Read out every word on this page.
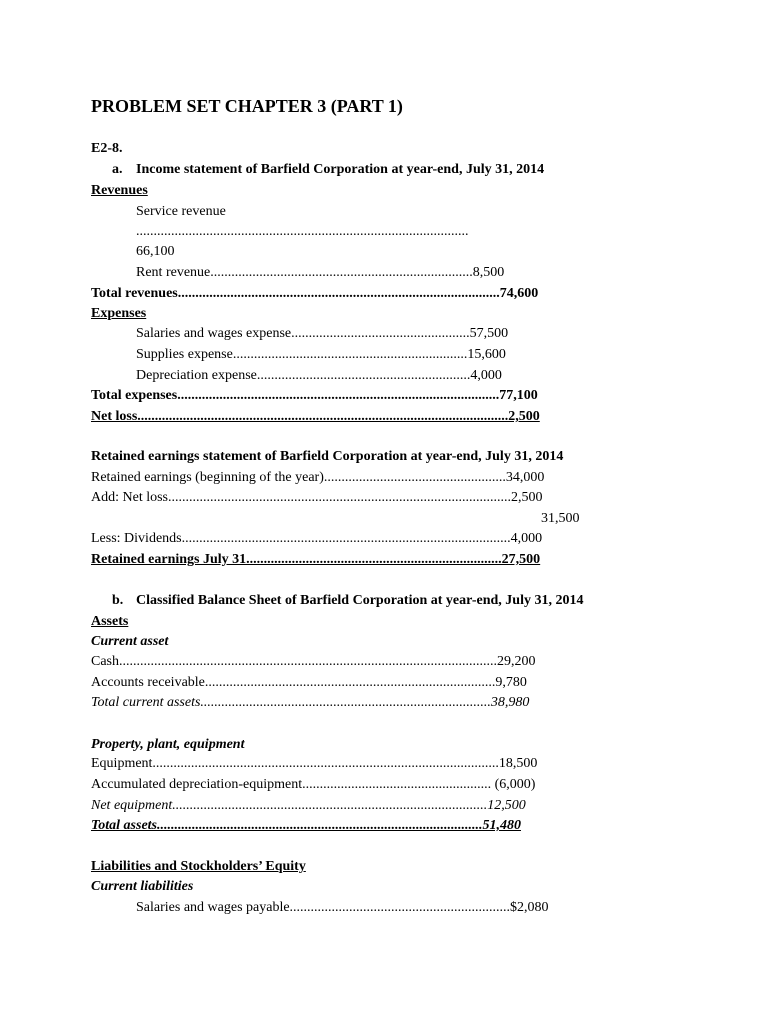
PROBLEM SET CHAPTER 3 (PART 1)
E2-8.
a. Income statement of Barfield Corporation at year-end, July 31, 2014
Revenues
Service revenue
...............................................................................................
66,100
Rent revenue...........................................................................8,500
Total revenues............................................................................................74,600
Expenses
Salaries and wages expense...................................................57,500
Supplies expense...................................................................15,600
Depreciation expense.............................................................4,000
Total expenses............................................................................................77,100
Net loss..........................................................................................................2,500
Retained earnings statement of Barfield Corporation at year-end, July 31, 2014
Retained earnings (beginning of the year)....................................................34,000
Add: Net loss..................................................................................................2,500
31,500
Less: Dividends..............................................................................................4,000
Retained earnings July 31.........................................................................27,500
b. Classified Balance Sheet of Barfield Corporation at year-end, July 31, 2014
Assets
Current asset
Cash............................................................................................................29,200
Accounts receivable...................................................................................9,780
Total current assets...................................................................................38,980
Property, plant, equipment
Equipment...................................................................................................18,500
Accumulated depreciation-equipment...................................................... (6,000)
Net equipment..........................................................................................12,500
Total assets.............................................................................................51,480
Liabilities and Stockholders’ Equity
Current liabilities
Salaries and wages payable...............................................................$2,080
